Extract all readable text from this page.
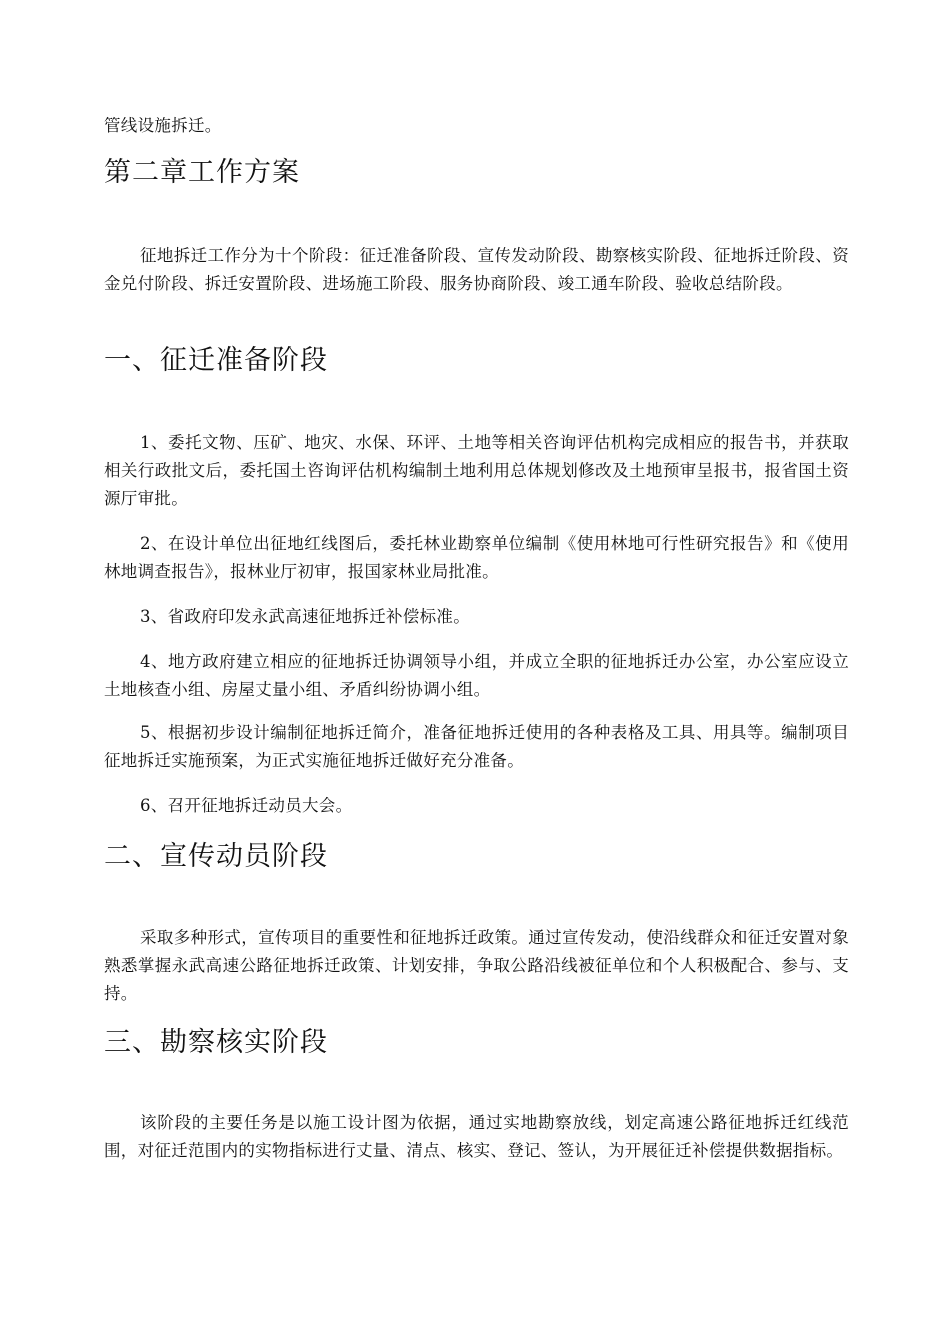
管线设施拆迁。

第二章工作方案

征地拆迁工作分为十个阶段：征迁准备阶段、宣传发动阶段、勘察核实阶段、征地拆迁阶段、资金兑付阶段、拆迁安置阶段、进场施工阶段、服务协商阶段、竣工通车阶段、验收总结阶段。

一、征迁准备阶段

1、委托文物、压矿、地灾、水保、环评、土地等相关咨询评估机构完成相应的报告书，并获取相关行政批文后，委托国土咨询评估机构编制土地利用总体规划修改及土地预审呈报书，报省国土资源厅审批。

2、在设计单位出征地红线图后，委托林业勘察单位编制《使用林地可行性研究报告》和《使用林地调查报告》，报林业厅初审，报国家林业局批准。

3、省政府印发永武高速征地拆迁补偿标准。

4、地方政府建立相应的征地拆迁协调领导小组，并成立全职的征地拆迁办公室，办公室应设立土地核查小组、房屋丈量小组、矛盾纠纷协调小组。

5、根据初步设计编制征地拆迁简介，准备征地拆迁使用的各种表格及工具、用具等。编制项目征地拆迁实施预案，为正式实施征地拆迁做好充分准备。

6、召开征地拆迁动员大会。

二、宣传动员阶段

采取多种形式，宣传项目的重要性和征地拆迁政策。通过宣传发动，使沿线群众和征迁安置对象熟悉掌握永武高速公路征地拆迁政策、计划安排，争取公路沿线被征单位和个人积极配合、参与、支持。

三、勘察核实阶段

该阶段的主要任务是以施工设计图为依据，通过实地勘察放线，划定高速公路征地拆迁红线范围，对征迁范围内的实物指标进行丈量、清点、核实、登记、签认，为开展征迁补偿提供数据指标。
